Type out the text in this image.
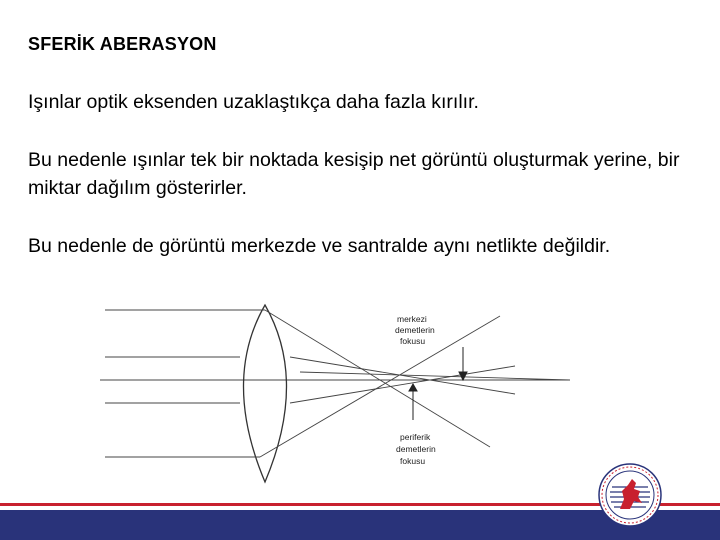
SFERİK ABERASYON
Işınlar optik eksenden uzaklaştıkça daha fazla kırılır.
Bu nedenle ışınlar tek bir noktada kesişip net görüntü oluşturmak yerine, bir miktar dağılım gösterirler.
Bu nedenle de görüntü merkezde ve santralde aynı netlikte değildir.
merkezi
demetlerin
fokusu
periferik
demetlerin
fokusu
